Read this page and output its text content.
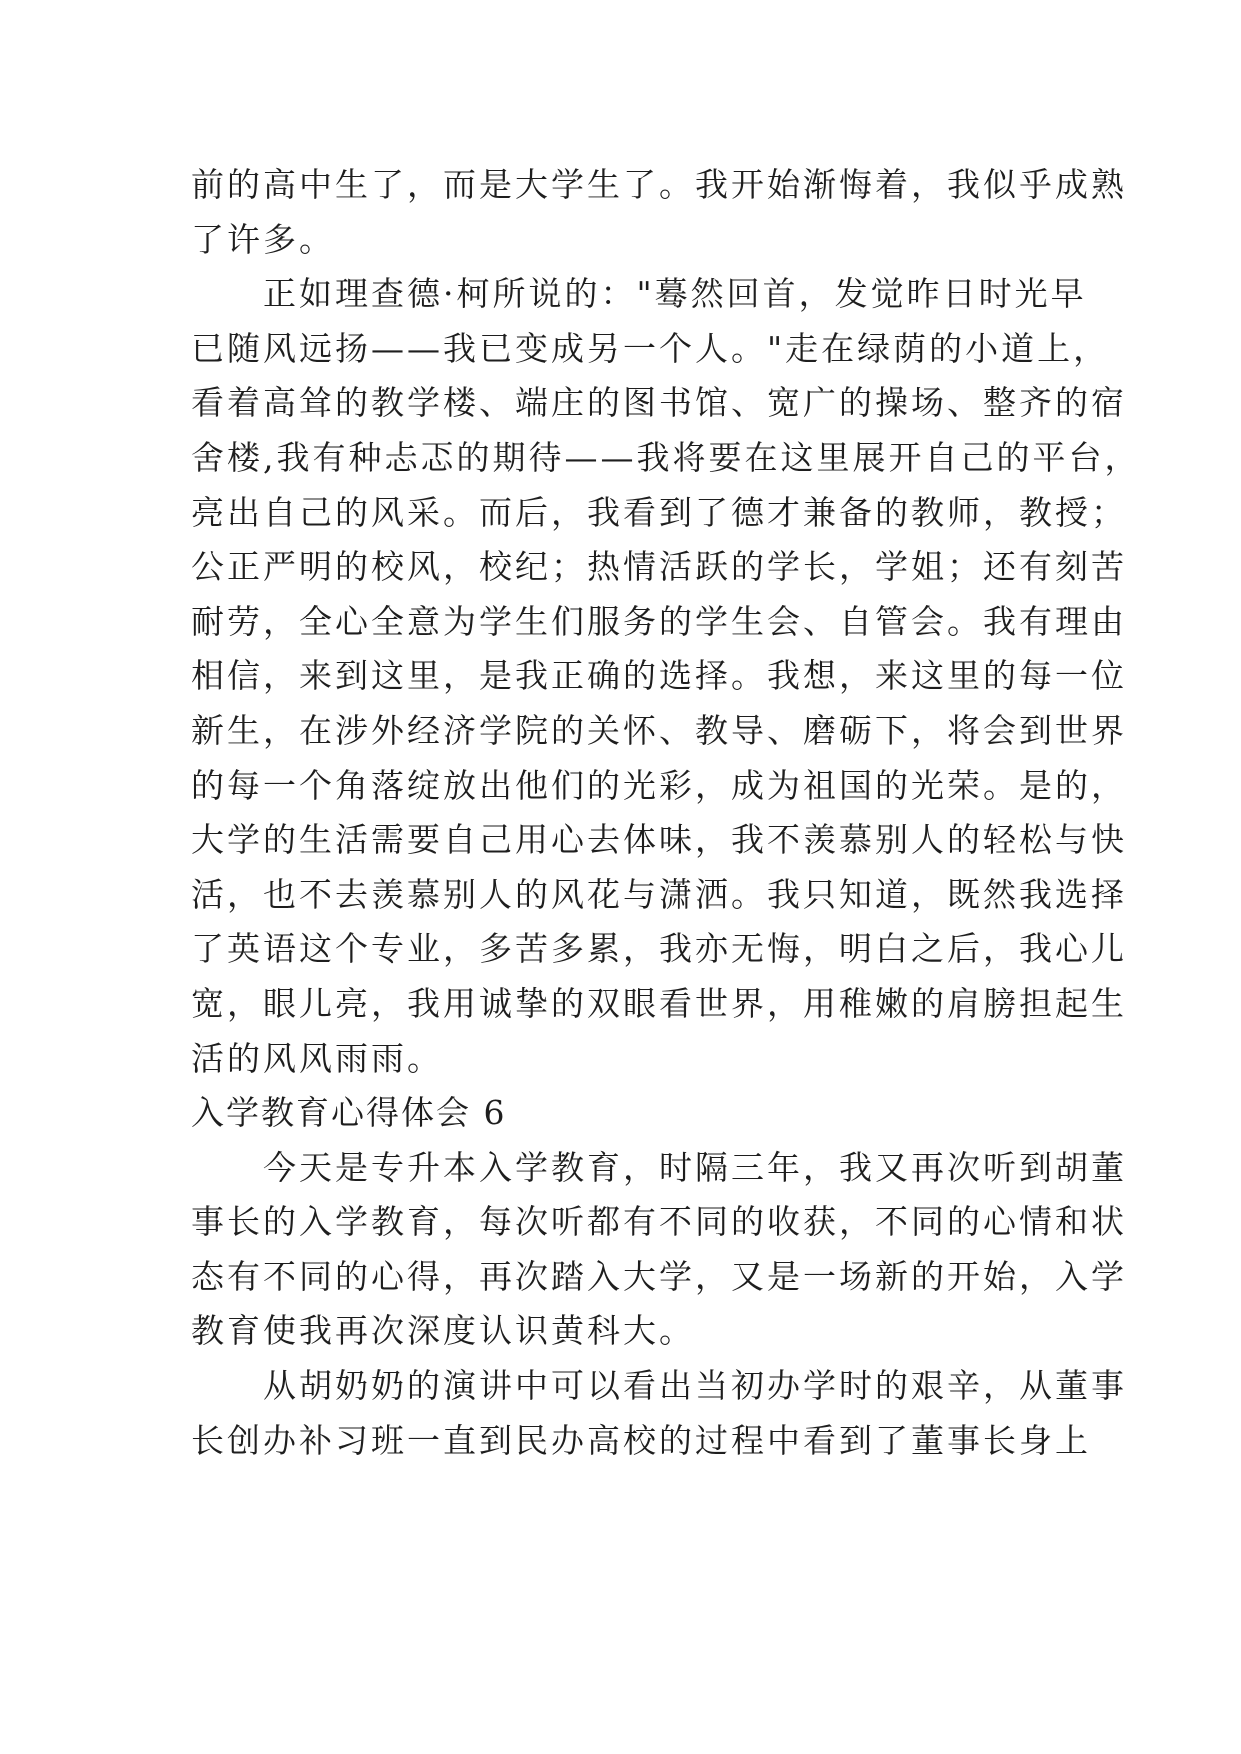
前的高中生了，而是大学生了。我开始渐悔着，我似乎成熟
了许多。
正如理查德·柯所说的："蓦然回首，发觉昨日时光早
已随风远扬——我已变成另一个人。"走在绿荫的小道上，
看着高耸的教学楼、端庄的图书馆、宽广的操场、整齐的宿
舍楼,我有种忐忑的期待——我将要在这里展开自己的平台，
亮出自己的风采。而后，我看到了德才兼备的教师，教授；
公正严明的校风，校纪；热情活跃的学长，学姐；还有刻苦
耐劳，全心全意为学生们服务的学生会、自管会。我有理由
相信，来到这里，是我正确的选择。我想，来这里的每一位
新生，在涉外经济学院的关怀、教导、磨砺下，将会到世界
的每一个角落绽放出他们的光彩，成为祖国的光荣。是的，
大学的生活需要自己用心去体味，我不羡慕别人的轻松与快
活，也不去羡慕别人的风花与潇洒。我只知道，既然我选择
了英语这个专业，多苦多累，我亦无悔，明白之后，我心儿
宽，眼儿亮，我用诚挚的双眼看世界，用稚嫩的肩膀担起生
活的风风雨雨。
入学教育心得体会 6
今天是专升本入学教育，时隔三年，我又再次听到胡董
事长的入学教育，每次听都有不同的收获，不同的心情和状
态有不同的心得，再次踏入大学，又是一场新的开始，入学
教育使我再次深度认识黄科大。
从胡奶奶的演讲中可以看出当初办学时的艰辛，从董事
长创办补习班一直到民办高校的过程中看到了董事长身上
